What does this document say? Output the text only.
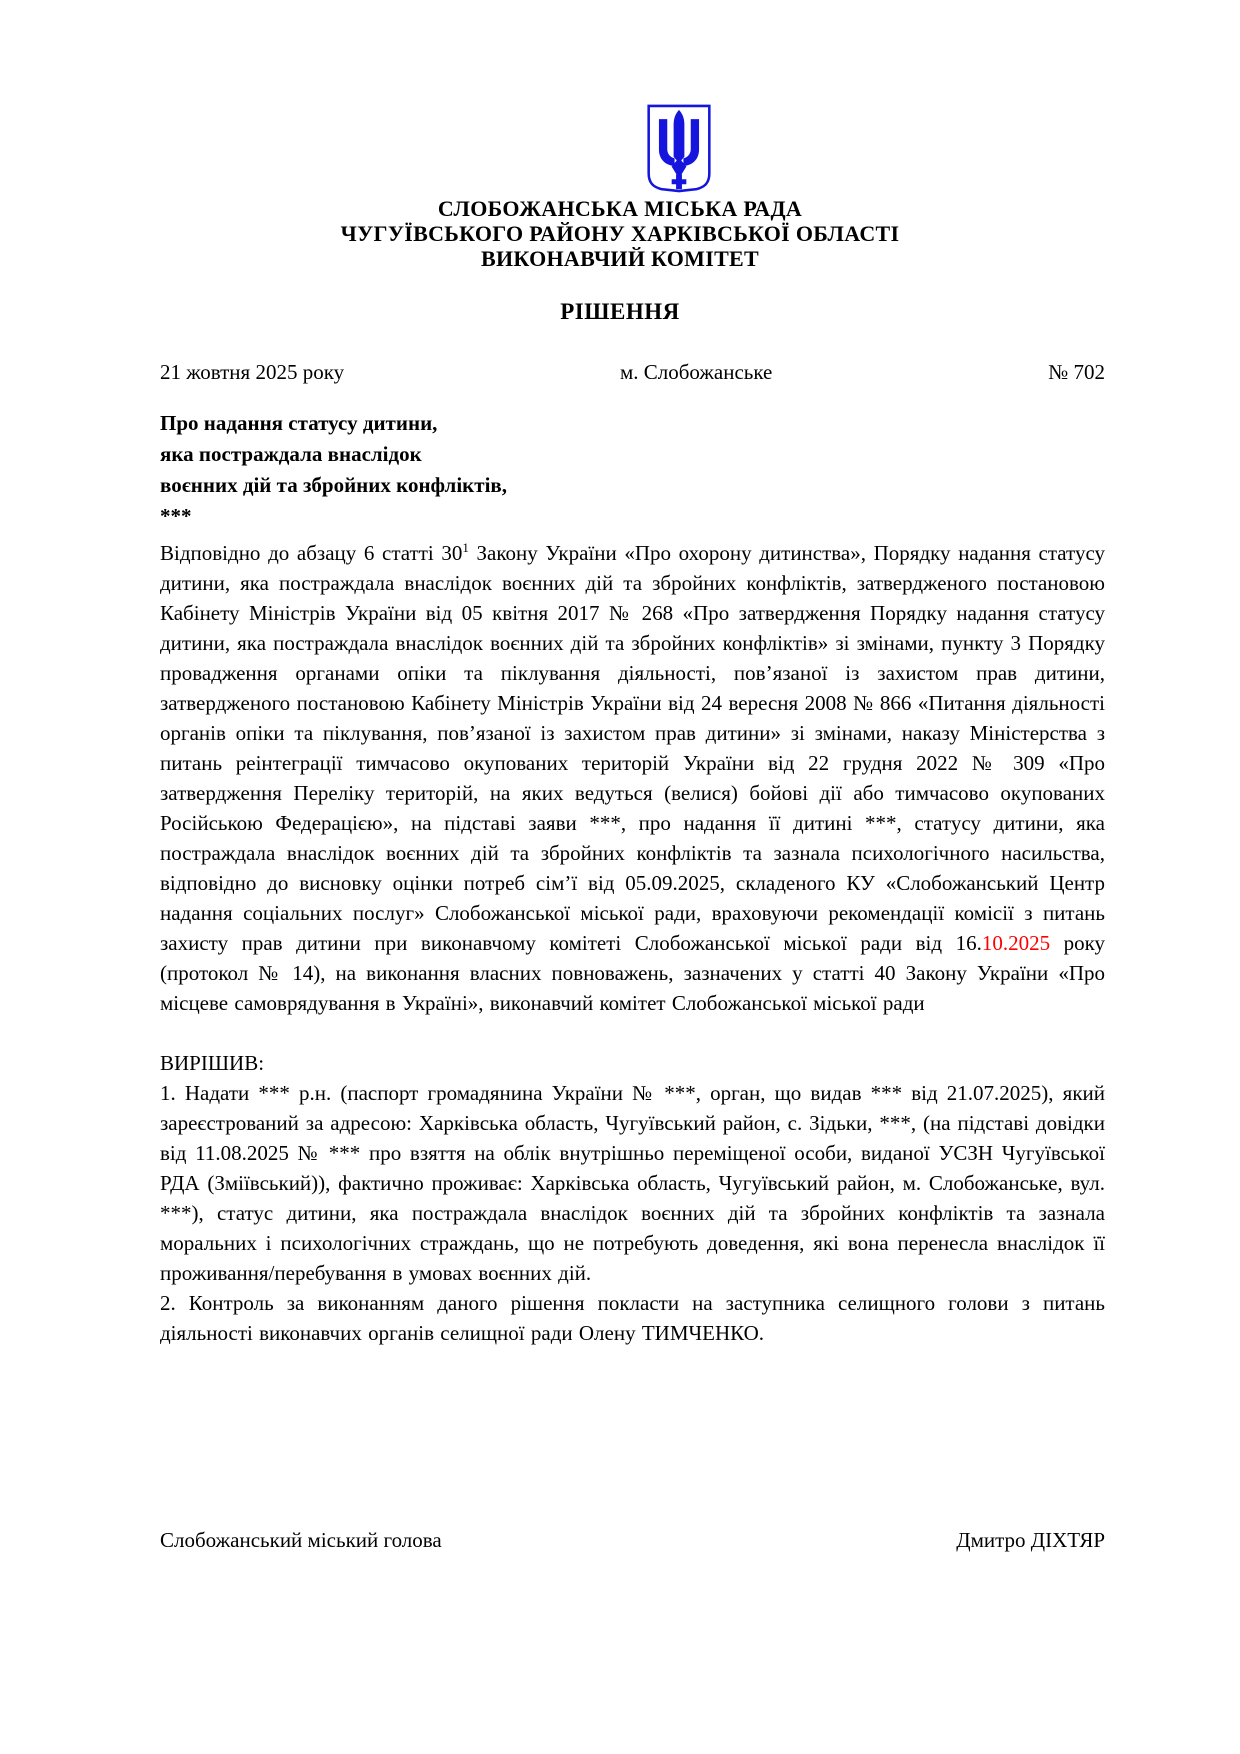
СЛОБОЖАНСЬКА МІСЬКА РАДА
ЧУГУЇВСЬКОГО РАЙОНУ ХАРКІВСЬКОЇ ОБЛАСТІ
ВИКОНАВЧИЙ КОМІТЕТ
РІШЕННЯ
21 жовтня 2025 року	м. Слобожанське	№ 702
Про надання статусу дитини,
яка постраждала внаслідок
воєнних дій та збройних конфліктів,
***

Відповідно до абзацу 6 статті $30^1$ Закону України «Про охорону дитинства», Порядку надання статусу дитини, яка постраждала внаслідок воєнних дій та збройних конфліктів, затвердженого постановою Кабінету Міністрів України від 05 квітня 2017 № 268 «Про затвердження Порядку надання статусу дитини, яка постраждала внаслідок воєнних дій та збройних конфліктів» зі змінами, пункту 3 Порядку провадження органами опіки та піклування діяльності, пов’язаної із захистом прав дитини, затвердженого постановою Кабінету Міністрів України від 24 вересня 2008 № 866 «Питання діяльності органів опіки та піклування, пов’язаної із захистом прав дитини» зі змінами, наказу Міністерства з питань реінтеграції тимчасово окупованих територій України від 22 грудня 2022 № 309 «Про затвердження Переліку територій, на яких ведуться (велися) бойові дії або тимчасово окупованих Російською Федерацією», на підставі заяви ***, про надання її дитині ***, статусу дитини, яка постраждала внаслідок воєнних дій та збройних конфліктів та зазнала психологічного насильства, відповідно до висновку оцінки потреб сім’ї від 05.09.2025, складеного КУ «Слобожанський Центр надання соціальних послуг» Слобожанської міської ради, враховуючи рекомендації комісії з питань захисту прав дитини при виконавчому комітеті Слобожанської міської ради від 16.10.2025 року (протокол № 14), на виконання власних повноважень, зазначених у статті 40 Закону України «Про місцеве самоврядування в Україні», виконавчий комітет Слобожанської міської ради

ВИРІШИВ:

1. Надати *** р.н. (паспорт громадянина України № ***, орган, що видав *** від 21.07.2025), який зареєстрований за адресою: Харківська область, Чугуївський район, с. Зідьки, ***, (на підставі довідки від 11.08.2025 № *** про взяття на облік внутрішньо переміщеної особи, виданої УСЗН Чугуївської РДА (Зміївський)), фактично проживає: Харківська область, Чугуївський район, м. Слобожанське, вул. ***), статус дитини, яка постраждала внаслідок воєнних дій та збройних конфліктів та зазнала моральних і психологічних страждань, що не потребують доведення, які вона перенесла внаслідок її проживання/перебування в умовах воєнних дій.

2. Контроль за виконанням даного рішення покласти на заступника селищного голови з питань діяльності виконавчих органів селищної ради Олену ТИМЧЕНКО.

Слобожанський міський голова	Дмитро ДІХТЯР
